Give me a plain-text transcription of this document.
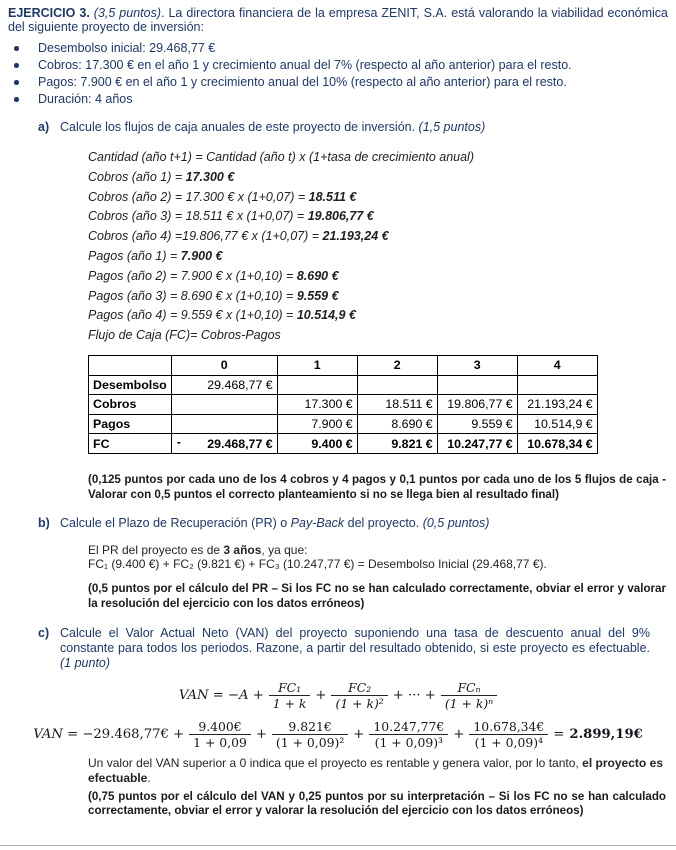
EJERCICIO 3. (3,5 puntos). La directora financiera de la empresa ZENIT, S.A. está valorando la viabilidad económica del siguiente proyecto de inversión:

Desembolso inicial: 29.468,77 €
Cobros: 17.300 € en el año 1 y crecimiento anual del 7% (respecto al año anterior) para el resto.
Pagos: 7.900 € en el año 1 y crecimiento anual del 10% (respecto al año anterior) para el resto.
Duración: 4 años
a) Calcule los flujos de caja anuales de este proyecto de inversión. (1,5 puntos)
Cantidad (año t+1) = Cantidad (año t) x (1+tasa de crecimiento anual)
Cobros (año 1) = 17.300 €
Cobros (año 2) = 17.300 € x (1+0,07) = 18.511 €
Cobros (año 3) = 18.511 € x (1+0,07) = 19.806,77 €
Cobros (año 4) =19.806,77 € x (1+0,07) = 21.193,24 €
Pagos (año 1) = 7.900 €
Pagos (año 2) = 7.900 € x (1+0,10) = 8.690 €
Pagos (año 3) = 8.690 € x (1+0,10) = 9.559 €
Pagos (año 4) = 9.559 € x (1+0,10) = 10.514,9 €
Flujo de Caja (FC)= Cobros-Pagos
	0	1	2	3	4
Desembolso	29.468,77 €				
Cobros		17.300 €	18.511 €	19.806,77 €	21.193,24 €
Pagos		7.900 €	8.690 €	9.559 €	10.514,9 €
FC	- 29.468,77 €	9.400 €	9.821 €	10.247,77 €	10.678,34 €

(0,125 puntos por cada uno de los 4 cobros y 4 pagos y 0,1 puntos por cada uno de los 5 flujos de caja - Valorar con 0,5 puntos el correcto planteamiento si no se llega bien al resultado final)

b) Calcule el Plazo de Recuperación (PR) o Pay-Back del proyecto. (0,5 puntos)
El PR del proyecto es de 3 años, ya que:
FC₁ (9.400 €) + FC₂ (9.821 €) + FC₃ (10.247,77 €) = Desembolso Inicial (29.468,77 €).

(0,5 puntos por el cálculo del PR – Si los FC no se han calculado correctamente, obviar el error y valorar la resolución del ejercicio con los datos erróneos)

c) Calcule el Valor Actual Neto (VAN) del proyecto suponiendo una tasa de descuento anual del 9% constante para todos los periodos. Razone, a partir del resultado obtenido, si este proyecto es efectuable. (1 punto)
VAN = $-A + \frac{\text{FC₁}}{1 + k} + \frac{\text{FC₂}}{\text{(1 + k)²}}$ + ··· + $\frac{\text{FCₙ}}{\text{(1 + k)ⁿ}}$
VAN = −29.468,77€ + $\frac{9.400€}{1 + 0,09} + \frac{9.821€}{\text{(1 + 0,09)²}} + \frac{10.247,77€}{\text{(1 + 0,09)³}} + \frac{10.678,34€}{\text{(1 + 0,09)⁴}}$ = 2.899,19€

Un valor del VAN superior a 0 indica que el proyecto es rentable y genera valor, por lo tanto, el proyecto es efectuable.

(0,75 puntos por el cálculo del VAN y 0,25 puntos por su interpretación – Si los FC no se han calculado correctamente, obviar el error y valorar la resolución del ejercicio con los datos erróneos)
